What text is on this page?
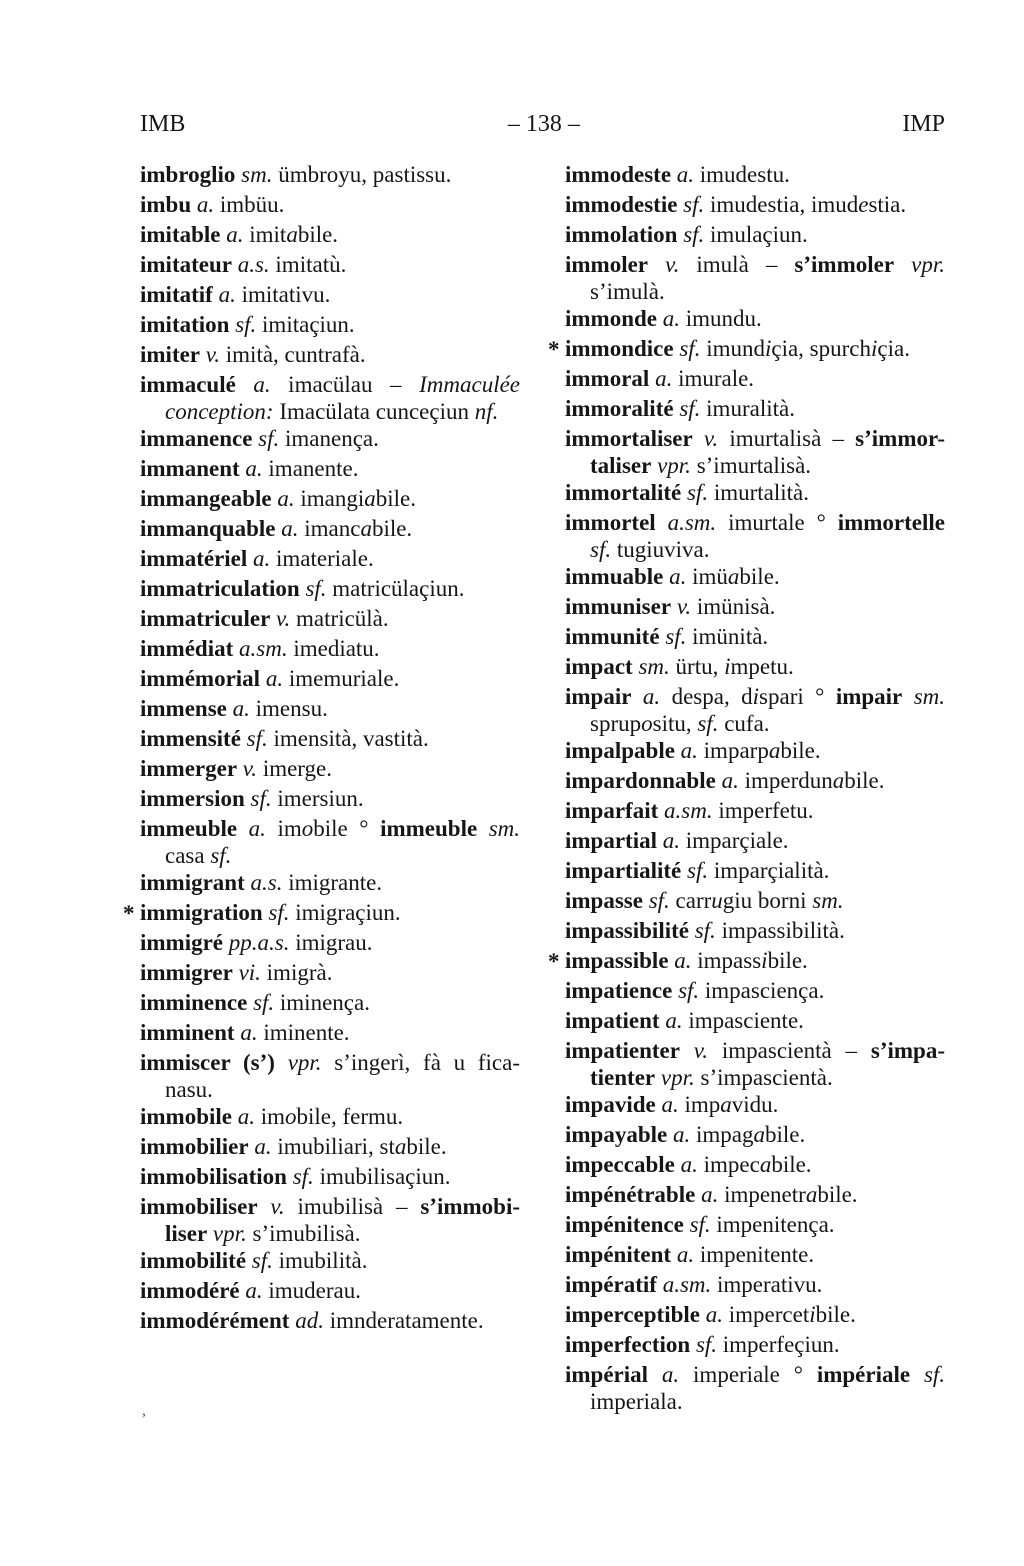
IMB	– 138 –	IMP
imbroglio sm. ümbroyu, pastissu.
imbu a. imbüu.
imitable a. imitabile.
imitateur a.s. imitatù.
imitatif a. imitativu.
imitation sf. imitaçiun.
imiter v. imità, cuntrafà.
immaculé a. imacülau – Immaculée
conception: Imacülata cunceçiun nf.
immanence sf. imanença.
immanent a. imanente.
immangeable a. imangiabile.
immanquable a. imancabile.
immatériel a. imateriale.
immatriculation sf. matricülaçiun.
immatriculer v. matricülà.
immédiat a.sm. imediatu.
immémorial a. imemuriale.
immense a. imensu.
immensité sf. imensità, vastità.
immerger v. imerge.
immersion sf. imersiun.
immeuble a. imobile ° immeuble sm.
casa sf.
immigrant a.s. imigrante.
* immigration sf. imigraçiun.
immigré pp.a.s. imigrau.
immigrer vi. imigrà.
imminence sf. iminença.
imminent a. iminente.
immiscer (s’) vpr. s’ingerì, fà u fica-
nasu.
immobile a. imobile, fermu.
immobilier a. imubiliari, stabile.
immobilisation sf. imubilisaçiun.
immobiliser v. imubilisà – s’immobi-
liser vpr. s’imubilisà.
immobilité sf. imubilità.
immodéré a. imuderau.
immodérément ad. imnderatamente.
immodeste a. imudestu.
immodestie sf. imudestia, imudestia.
immolation sf. imulaçiun.
immoler v. imulà – s’immoler vpr.
s’imulà.
immonde a. imundu.
* immondice sf. imundiçia, spurchiçia.
immoral a. imurale.
immoralité sf. imuralità.
immortaliser v. imurtalisà – s’immor-
taliser vpr. s’imurtalisà.
immortalité sf. imurtalità.
immortel a.sm. imurtale ° immortelle
sf. tugiuviva.
immuable a. imüabile.
immuniser v. imünisà.
immunité sf. imünità.
impact sm. ürtu, impetu.
impair a. despa, dispari ° impair sm.
sprupositu, sf. cufa.
impalpable a. imparpabile.
impardonnable a. imperdunabile.
imparfait a.sm. imperfetu.
impartial a. imparçiale.
impartialité sf. imparçialità.
impasse sf. carrugiu borni sm.
impassibilité sf. impassibilità.
* impassible a. impassibile.
impatience sf. impasciença.
impatient a. impasciente.
impatienter v. impascientà – s’impa-
tienter vpr. s’impascientà.
impavide a. impavidu.
impayable a. impagabile.
impeccable a. impecabile.
impénétrable a. impenetrabile.
impénitence sf. impenitença.
impénitent a. impenitente.
impératif a.sm. imperativu.
imperceptible a. impercetibile.
imperfection sf. imperfeçiun.
impérial a. imperiale ° impériale sf.
imperiala.
,
